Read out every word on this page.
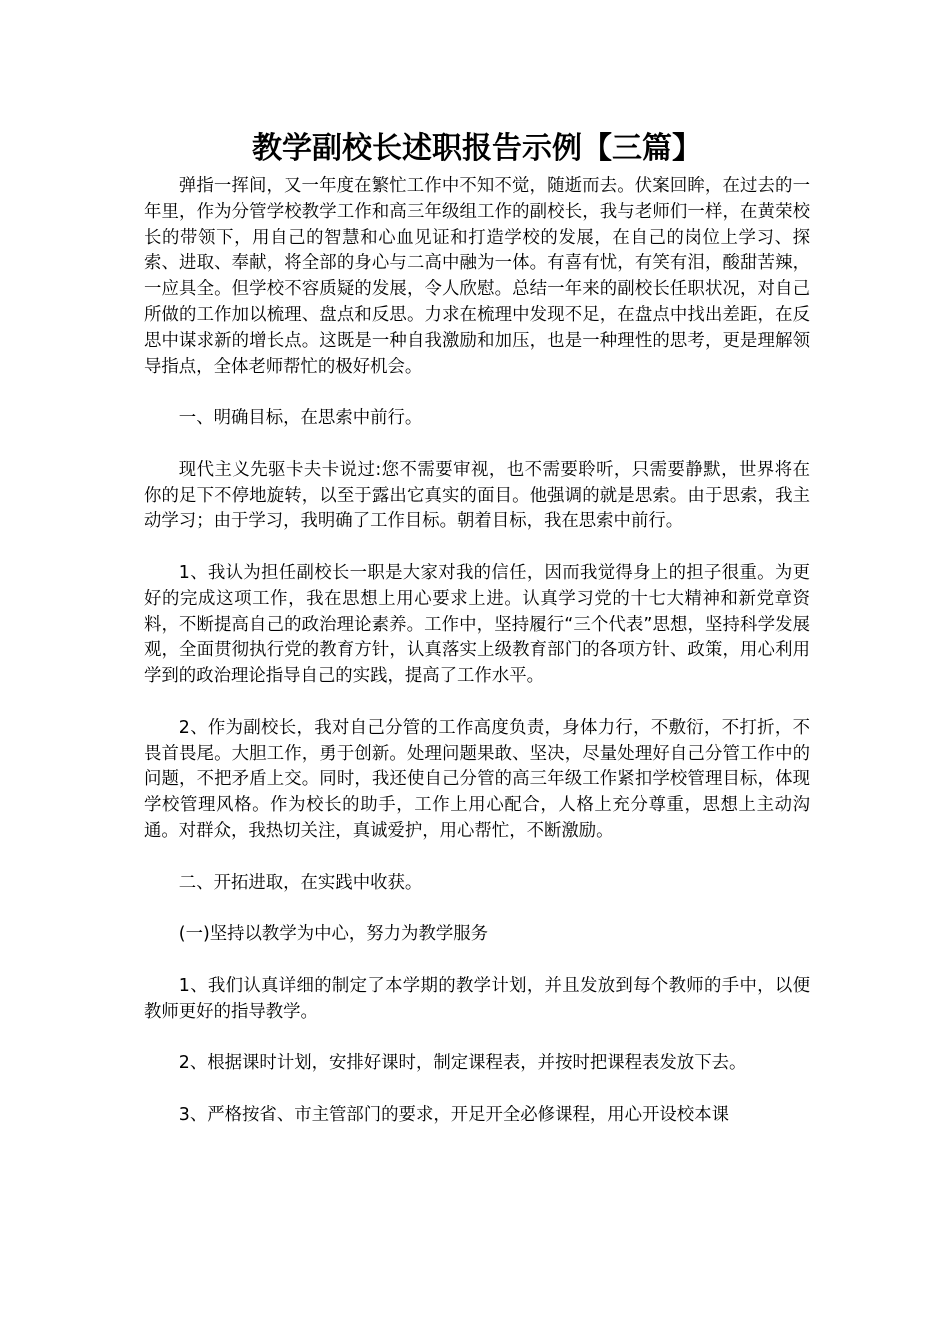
教学副校长述职报告示例【三篇】

弹指一挥间，又一年度在繁忙工作中不知不觉，随逝而去。伏案回眸，在过去的一年里，作为分管学校教学工作和高三年级组工作的副校长，我与老师们一样，在黄荣校长的带领下，用自己的智慧和心血见证和打造学校的发展，在自己的岗位上学习、探索、进取、奉献，将全部的身心与二高中融为一体。有喜有忧，有笑有泪，酸甜苦辣，一应具全。但学校不容质疑的发展，令人欣慰。总结一年来的副校长任职状况，对自己所做的工作加以梳理、盘点和反思。力求在梳理中发现不足，在盘点中找出差距，在反思中谋求新的增长点。这既是一种自我激励和加压，也是一种理性的思考，更是理解领导指点，全体老师帮忙的极好机会。

一、明确目标，在思索中前行。

现代主义先驱卡夫卡说过:您不需要审视，也不需要聆听，只需要静默，世界将在你的足下不停地旋转，以至于露出它真实的面目。他强调的就是思索。由于思索，我主动学习；由于学习，我明确了工作目标。朝着目标，我在思索中前行。

1、我认为担任副校长一职是大家对我的信任，因而我觉得身上的担子很重。为更好的完成这项工作，我在思想上用心要求上进。认真学习党的十七大精神和新党章资料，不断提高自己的政治理论素养。工作中，坚持履行“三个代表”思想，坚持科学发展观，全面贯彻执行党的教育方针，认真落实上级教育部门的各项方针、政策，用心利用学到的政治理论指导自己的实践，提高了工作水平。

2、作为副校长，我对自己分管的工作高度负责，身体力行，不敷衍，不打折，不畏首畏尾。大胆工作，勇于创新。处理问题果敢、坚决，尽量处理好自己分管工作中的问题，不把矛盾上交。同时，我还使自己分管的高三年级工作紧扣学校管理目标，体现学校管理风格。作为校长的助手，工作上用心配合，人格上充分尊重，思想上主动沟通。对群众，我热切关注，真诚爱护，用心帮忙，不断激励。

二、开拓进取，在实践中收获。

(一)坚持以教学为中心，努力为教学服务

1、我们认真详细的制定了本学期的教学计划，并且发放到每个教师的手中，以便教师更好的指导教学。

2、根据课时计划，安排好课时，制定课程表，并按时把课程表发放下去。

3、严格按省、市主管部门的要求，开足开全必修课程，用心开设校本课
